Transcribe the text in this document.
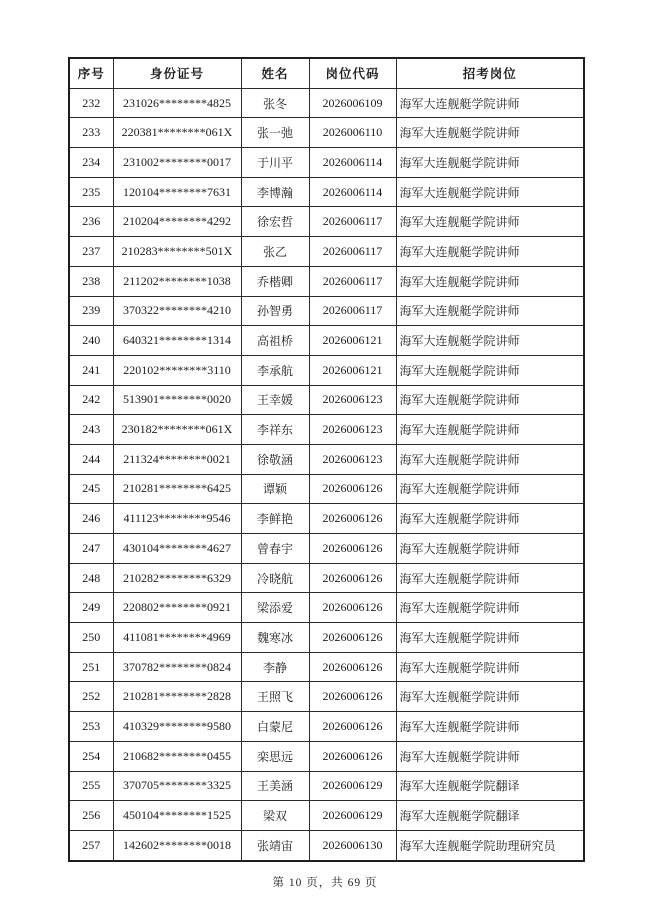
序号	身份证号	姓名	岗位代码	招考岗位
232	231026********4825	张冬	2026006109	海军大连舰艇学院讲师
233	220381********061X	张一弛	2026006110	海军大连舰艇学院讲师
234	231002********0017	于川平	2026006114	海军大连舰艇学院讲师
235	120104********7631	李博瀚	2026006114	海军大连舰艇学院讲师
236	210204********4292	徐宏哲	2026006117	海军大连舰艇学院讲师
237	210283********501X	张乙	2026006117	海军大连舰艇学院讲师
238	211202********1038	乔楷卿	2026006117	海军大连舰艇学院讲师
239	370322********4210	孙智勇	2026006117	海军大连舰艇学院讲师
240	640321********1314	高祖桥	2026006121	海军大连舰艇学院讲师
241	220102********3110	李承航	2026006121	海军大连舰艇学院讲师
242	513901********0020	王幸媛	2026006123	海军大连舰艇学院讲师
243	230182********061X	李祥东	2026006123	海军大连舰艇学院讲师
244	211324********0021	徐敬涵	2026006123	海军大连舰艇学院讲师
245	210281********6425	谭颖	2026006126	海军大连舰艇学院讲师
246	411123********9546	李鲜艳	2026006126	海军大连舰艇学院讲师
247	430104********4627	曾春宇	2026006126	海军大连舰艇学院讲师
248	210282********6329	冷晓航	2026006126	海军大连舰艇学院讲师
249	220802********0921	梁添爱	2026006126	海军大连舰艇学院讲师
250	411081********4969	魏寒冰	2026006126	海军大连舰艇学院讲师
251	370782********0824	李静	2026006126	海军大连舰艇学院讲师
252	210281********2828	王照飞	2026006126	海军大连舰艇学院讲师
253	410329********9580	白蒙尼	2026006126	海军大连舰艇学院讲师
254	210682********0455	栾思远	2026006126	海军大连舰艇学院讲师
255	370705********3325	王美涵	2026006129	海军大连舰艇学院翻译
256	450104********1525	梁双	2026006129	海军大连舰艇学院翻译
257	142602********0018	张靖宙	2026006130	海军大连舰艇学院助理研究员
第 10 页，共 69 页
